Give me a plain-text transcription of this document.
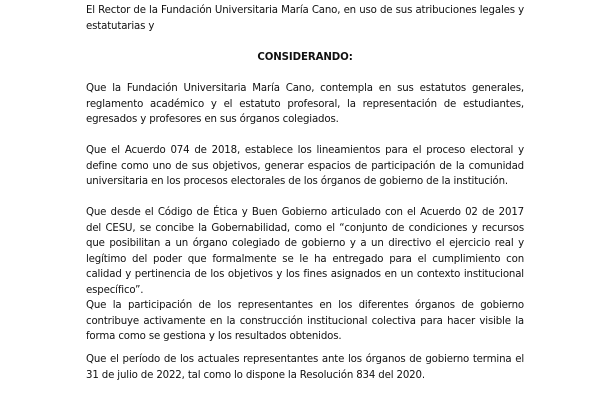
El Rector de la Fundación Universitaria María Cano, en uso de sus atribuciones legales y estatutarias y

CONSIDERANDO:

Que la Fundación Universitaria María Cano, contempla en sus estatutos generales, reglamento académico y el estatuto profesoral, la representación de estudiantes, egresados y profesores en sus órganos colegiados.

Que el Acuerdo 074 de 2018, establece los lineamientos para el proceso electoral y define como uno de sus objetivos, generar espacios de participación de la comunidad universitaria en los procesos electorales de los órganos de gobierno de la institución.

Que desde el Código de Ética y Buen Gobierno articulado con el Acuerdo 02 de 2017 del CESU, se concibe la Gobernabilidad, como el “conjunto de condiciones y recursos que posibilitan a un órgano colegiado de gobierno y a un directivo el ejercicio real y legítimo del poder que formalmente se le ha entregado para el cumplimiento con calidad y pertinencia de los objetivos y los fines asignados en un contexto institucional específico”.

Que la participación de los representantes en los diferentes órganos de gobierno contribuye activamente en la construcción institucional colectiva para hacer visible la forma como se gestiona y los resultados obtenidos.

Que el período de los actuales representantes ante los órganos de gobierno termina el 31 de julio de 2022, tal como lo dispone la Resolución 834 del 2020.
